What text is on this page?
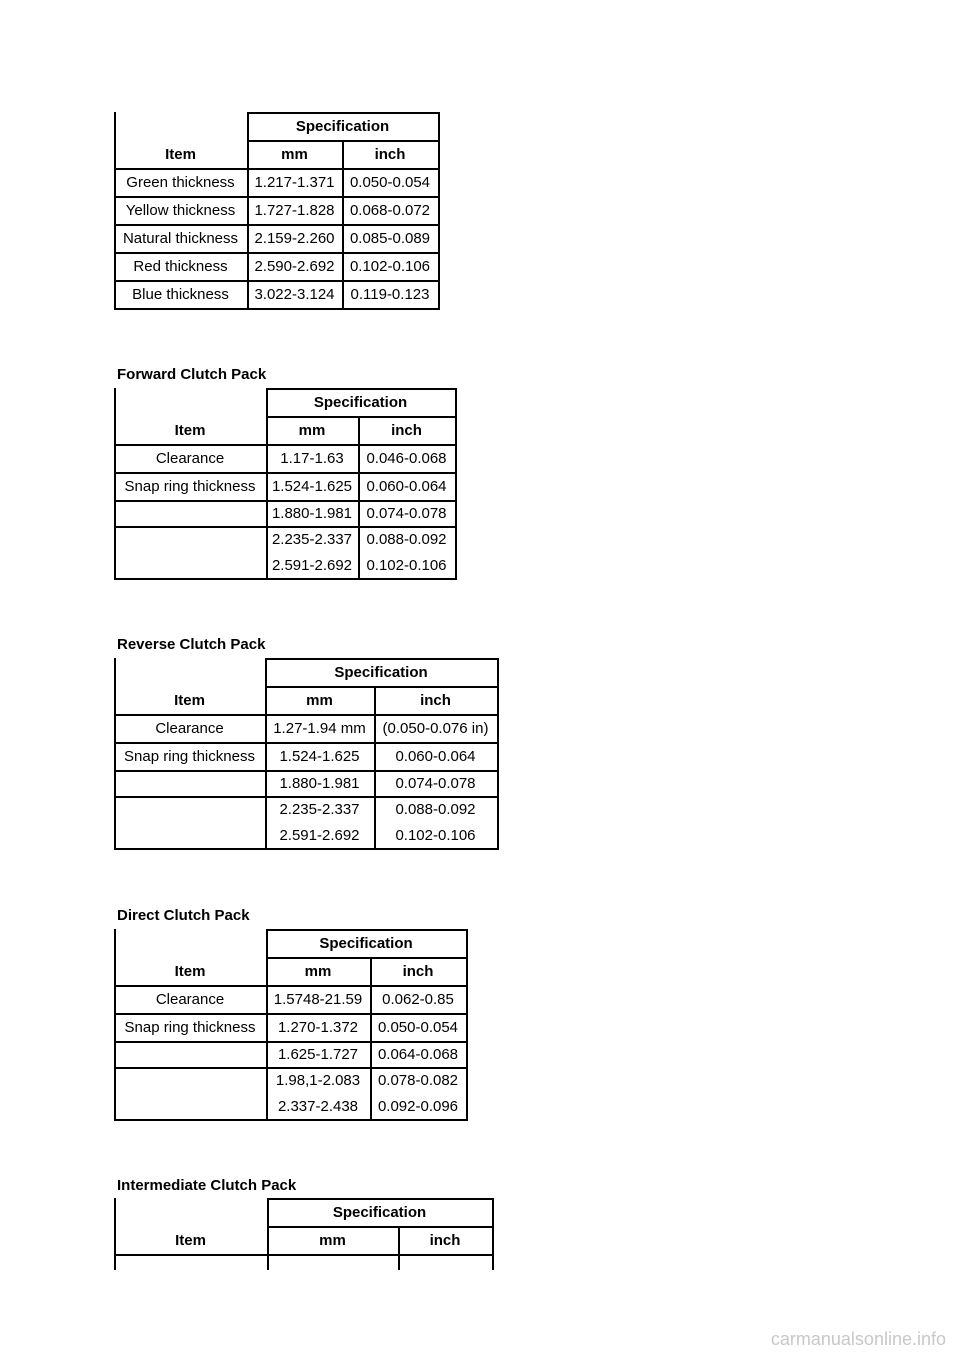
Specification
Item	mm	inch
Green thickness	1.217-1.371	0.050-0.054
Yellow thickness	1.727-1.828	0.068-0.072
Natural thickness	2.159-2.260	0.085-0.089
Red thickness	2.590-2.692	0.102-0.106
Blue thickness	3.022-3.124	0.119-0.123
Forward Clutch Pack
Specification
Item	mm	inch
Clearance	1.17-1.63	0.046-0.068
Snap ring thickness	1.524-1.625 0.060-0.064
1.880-1.981 0.074-0.078
2.235-2.337 0.088-0.092
2.591-2.692 0.102-0.106
Reverse Clutch Pack
Specification
Item	mm	inch
Clearance	1.27-1.94 mm	(0.050-0.076 in)
Snap ring thickness	1.524-1.625	0.060-0.064
1.880-1.981	0.074-0.078
2.235-2.337	0.088-0.092
2.591-2.692	0.102-0.106
Direct Clutch Pack
Specification
Item	mm	inch
Clearance	1.5748-21.59	0.062-0.85
Snap ring thickness	1.270-1.372	0.050-0.054
1.625-1.727	0.064-0.068
1.98,1-2.083	0.078-0.082
2.337-2.438	0.092-0.096
Intermediate Clutch Pack
Specification
Item	mm	inch
carmanualsonline.info
